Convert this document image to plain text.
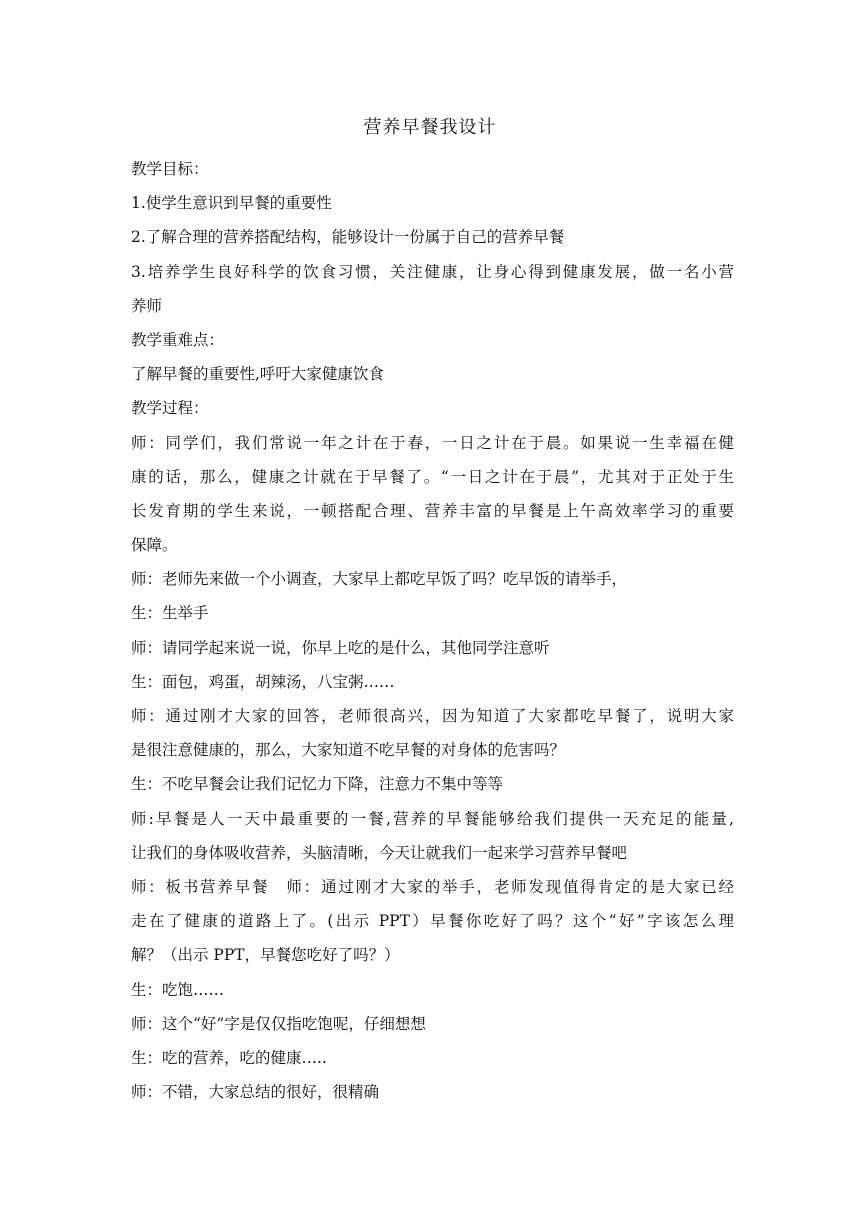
营养早餐我设计
教学目标：
1.使学生意识到早餐的重要性
2.了解合理的营养搭配结构，能够设计一份属于自己的营养早餐
3.培养学生良好科学的饮食习惯，关注健康，让身心得到健康发展，做一名小营
养师
教学重难点：
了解早餐的重要性,呼吁大家健康饮食
教学过程：
师：同学们，我们常说一年之计在于春，一日之计在于晨。如果说一生幸福在健
康的话，那么，健康之计就在于早餐了。“一日之计在于晨”，尤其对于正处于生
长发育期的学生来说，一顿搭配合理、营养丰富的早餐是上午高效率学习的重要
保障。
师：老师先来做一个小调查，大家早上都吃早饭了吗？吃早饭的请举手，
生：生举手
师：请同学起来说一说，你早上吃的是什么，其他同学注意听
生：面包，鸡蛋，胡辣汤，八宝粥……
师：通过刚才大家的回答，老师很高兴，因为知道了大家都吃早餐了，说明大家
是很注意健康的，那么，大家知道不吃早餐的对身体的危害吗？
生：不吃早餐会让我们记忆力下降，注意力不集中等等
师:早餐是人一天中最重要的一餐,营养的早餐能够给我们提供一天充足的能量,
让我们的身体吸收营养，头脑清晰，今天让就我们一起来学习营养早餐吧
师：板书营养早餐　师：通过刚才大家的举手，老师发现值得肯定的是大家已经
走在了健康的道路上了。(出示 PPT）早餐你吃好了吗？这个“好”字该怎么理
解？（出示 PPT，早餐您吃好了吗？）
生：吃饱……
师：这个“好”字是仅仅指吃饱呢，仔细想想
生：吃的营养，吃的健康…..
师：不错，大家总结的很好，很精确
